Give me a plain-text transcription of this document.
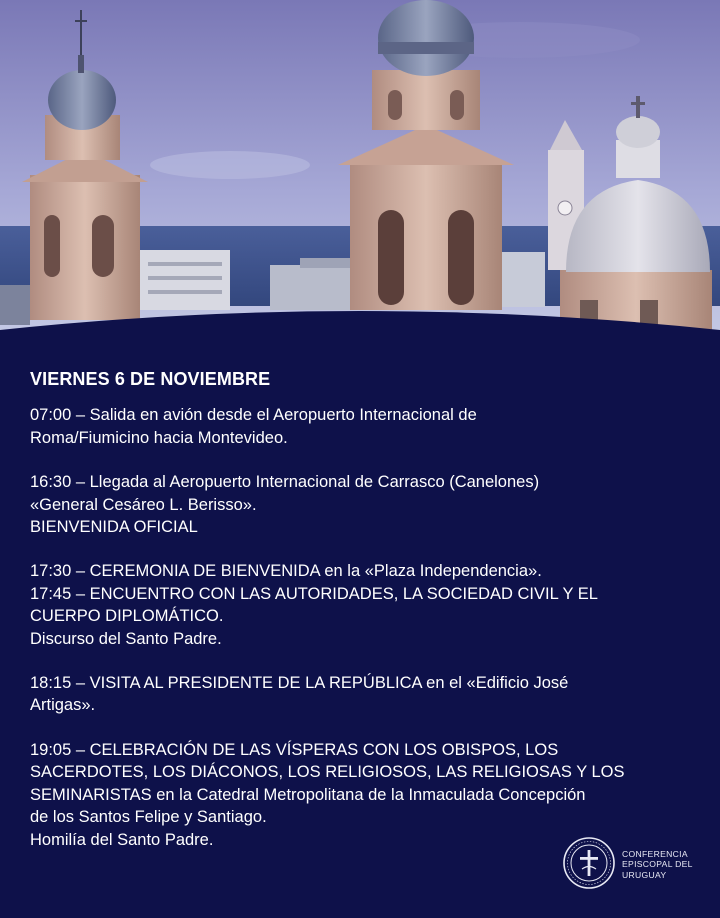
VIERNES 6 DE NOVIEMBRE

07:00 – Salida en avión desde el Aeropuerto Internacional de

Roma/Fiumicino hacia Montevideo.

16:30 – Llegada al Aeropuerto Internacional de Carrasco (Canelones)

«General Cesáreo L. Berisso».

BIENVENIDA OFICIAL

17:30 – CEREMONIA DE BIENVENIDA en la «Plaza Independencia».

17:45 – ENCUENTRO CON LAS AUTORIDADES, LA SOCIEDAD CIVIL Y EL

CUERPO DIPLOMÁTICO.

Discurso del Santo Padre.

18:15 – VISITA AL PRESIDENTE DE LA REPÚBLICA en el «Edificio José

Artigas».

19:05 – CELEBRACIÓN DE LAS VÍSPERAS CON LOS OBISPOS, LOS

SACERDOTES, LOS DIÁCONOS, LOS RELIGIOSOS, LAS RELIGIOSAS Y LOS

SEMINARISTAS en la Catedral Metropolitana de la Inmaculada Concepción

de los Santos Felipe y Santiago.

Homilía del Santo Padre.

CONFERENCIA
EPISCOPAL DEL
URUGUAY
